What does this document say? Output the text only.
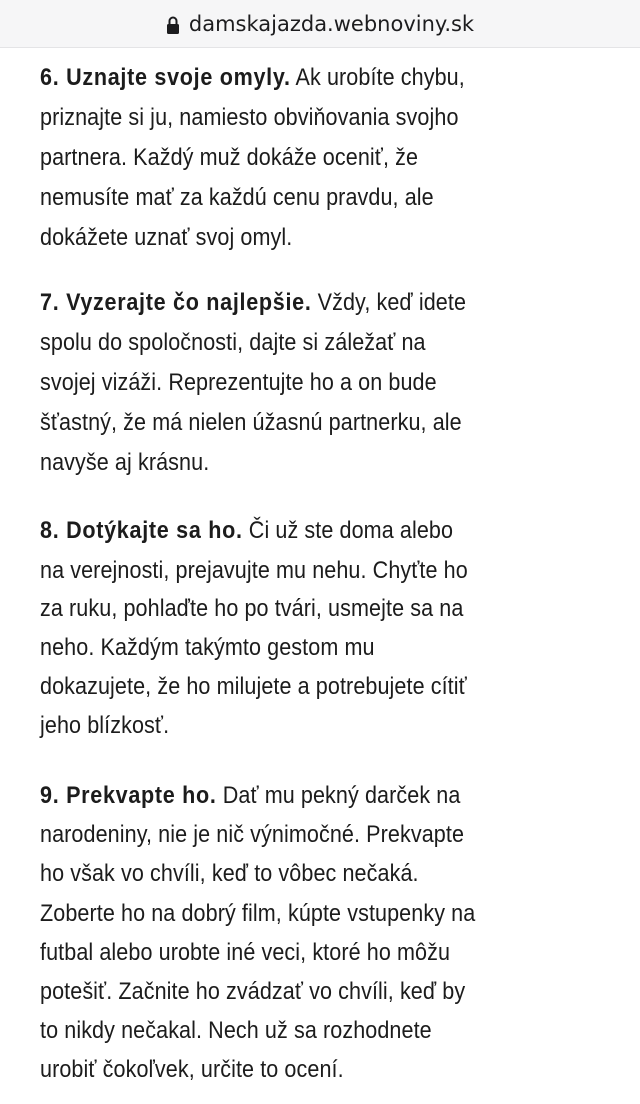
damskajazda.webnoviny.sk
6. Uznajte svoje omyly. Ak urobíte chybu,
priznajte si ju, namiesto obviňovania svojho
partnera. Každý muž dokáže oceniť, že
nemusíte mať za každú cenu pravdu, ale
dokážete uznať svoj omyl.
7. Vyzerajte čo najlepšie. Vždy, keď idete
spolu do spoločnosti, dajte si záležať na
svojej vizáži. Reprezentujte ho a on bude
šťastný, že má nielen úžasnú partnerku, ale
navyše aj krásnu.
8. Dotýkajte sa ho. Či už ste doma alebo
na verejnosti, prejavujte mu nehu. Chyťte ho
za ruku, pohlaďte ho po tvári, usmejte sa na
neho. Každým takýmto gestom mu
dokazujete, že ho milujete a potrebujete cítiť
jeho blízkosť.
9. Prekvapte ho. Dať mu pekný darček na
narodeniny, nie je nič výnimočné. Prekvapte
ho však vo chvíli, keď to vôbec nečaká.
Zoberte ho na dobrý film, kúpte vstupenky na
futbal alebo urobte iné veci, ktoré ho môžu
potešiť. Začnite ho zvádzať vo chvíli, keď by
to nikdy nečakal. Nech už sa rozhodnete
urobiť čokoľvek, určite to ocení.
